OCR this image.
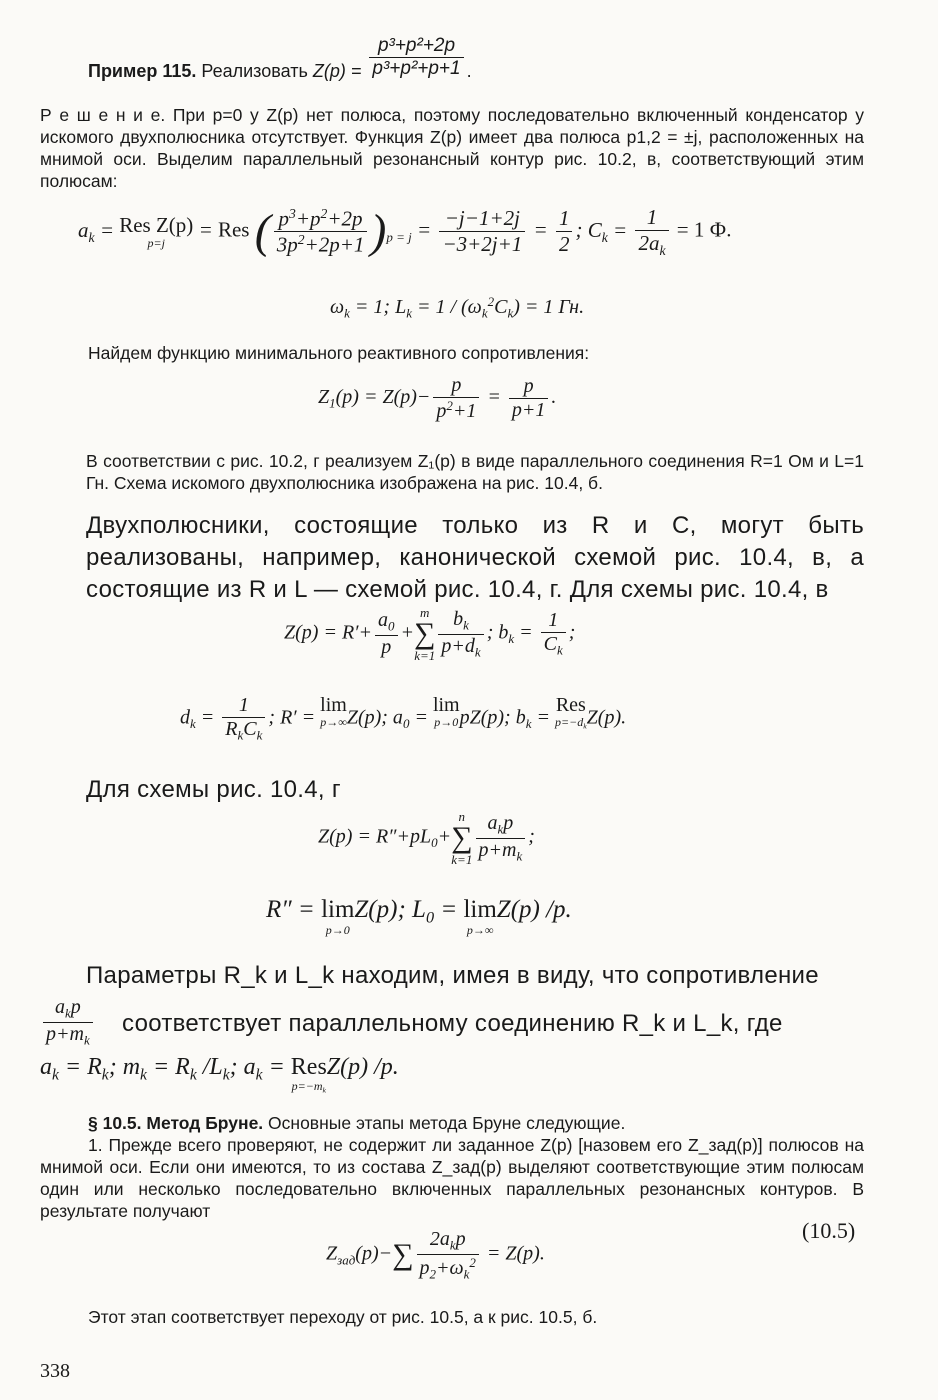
Пример 115. Реализовать $Z(p) = \frac{\text{p³+p²+2p}}{\text{p³+p²+p+1}}$ .
Р е ш е н и е. При p=0 у Z(p) нет полюса, поэтому последовательно включенный конденсатор у искомого двухполюсника отсутствует. Функция Z(p) имеет два полюса p1,2 = ±j, расположенных на мнимой оси. Выделим параллельный резонансный контур рис. 10.2, в, соответствующий этим полюсам:
$a_k$ = Res Z(p)
p=j
= Res ( $\frac{p^3+p^2+2p}{3p^2+2p+1} )_{p = j} = \frac{-j-1+2j}{-3+2j+1} = \frac{1}{2}$ ; $C_k = \frac{1}{2a_k} = 1$ Ф.
$\omega_k = 1$; $L_k = 1 / (\omega_k^2C_k) = 1$ Гн.
Найдем функцию минимального реактивного сопротивления:
$Z_1(p) = Z(p)- \frac{p}{p^2+1} = \frac{p}{p+1}$ .
В соответствии с рис. 10.2, г реализуем Z₁(p) в виде параллельного соединения R=1 Ом и L=1 Гн. Схема искомого двухполюсника изображена на рис. 10.4, б.
Двухполюсники, состоящие только из R и C, могут быть реализованы, например, канонической схемой рис. 10.4, в, а состоящие из R и L — схемой рис. 10.4, г. Для схемы рис. 10.4, в
$Z(p) = R'+ \frac{a_0}{p}$ +
m
∑
$k=1 \frac{b_k}{p+d_k}$ ; $b_k = \frac{1}{C_k}$ ;
$d_k = \frac{1}{R_kC_k}$ ; R′ = lim
p→∞ Z(p); $a_0 = \lim$
p→0 pZ(p); $b_k$ = Res
$p=-d_k$ Z(p).
Для схемы рис. 10.4, г
$Z(p) = R''+pL_0+$
n
∑
$k=1 \frac{a_kp}{p+m_k}$ ;
R″ = lim
p→0
Z(p); $L_0 = \lim$
p→∞
Z(p) /p.
Параметры R_k и L_k находим, имея в виду, что сопротивление
$\frac{a_kp}{p+m_k}$ соответствует параллельному соединению R_k и L_k, где
$a_k = R_k$; $m_k = R_k$ $/L_k$; $a_k$ = Res
$p=-m_k$
Z(p) /p.
§ 10.5. Метод Бруне. Основные этапы метода Бруне следующие.
1. Прежде всего проверяют, не содержит ли заданное Z(p) [назовем его Z_зад(p)] полюсов на мнимой оси. Если они имеются, то из состава Z_зад(p) выделяют соответствующие этим полюсам один или несколько последовательно включенных параллельных резонансных контуров. В результате получают
$Z_{зад}(p)-$ ∑ $\frac{2a_kp}{p_2+\omega_k^2} = Z(p)$.
(10.5)
Этот этап соответствует переходу от рис. 10.5, а к рис. 10.5, б.
338
